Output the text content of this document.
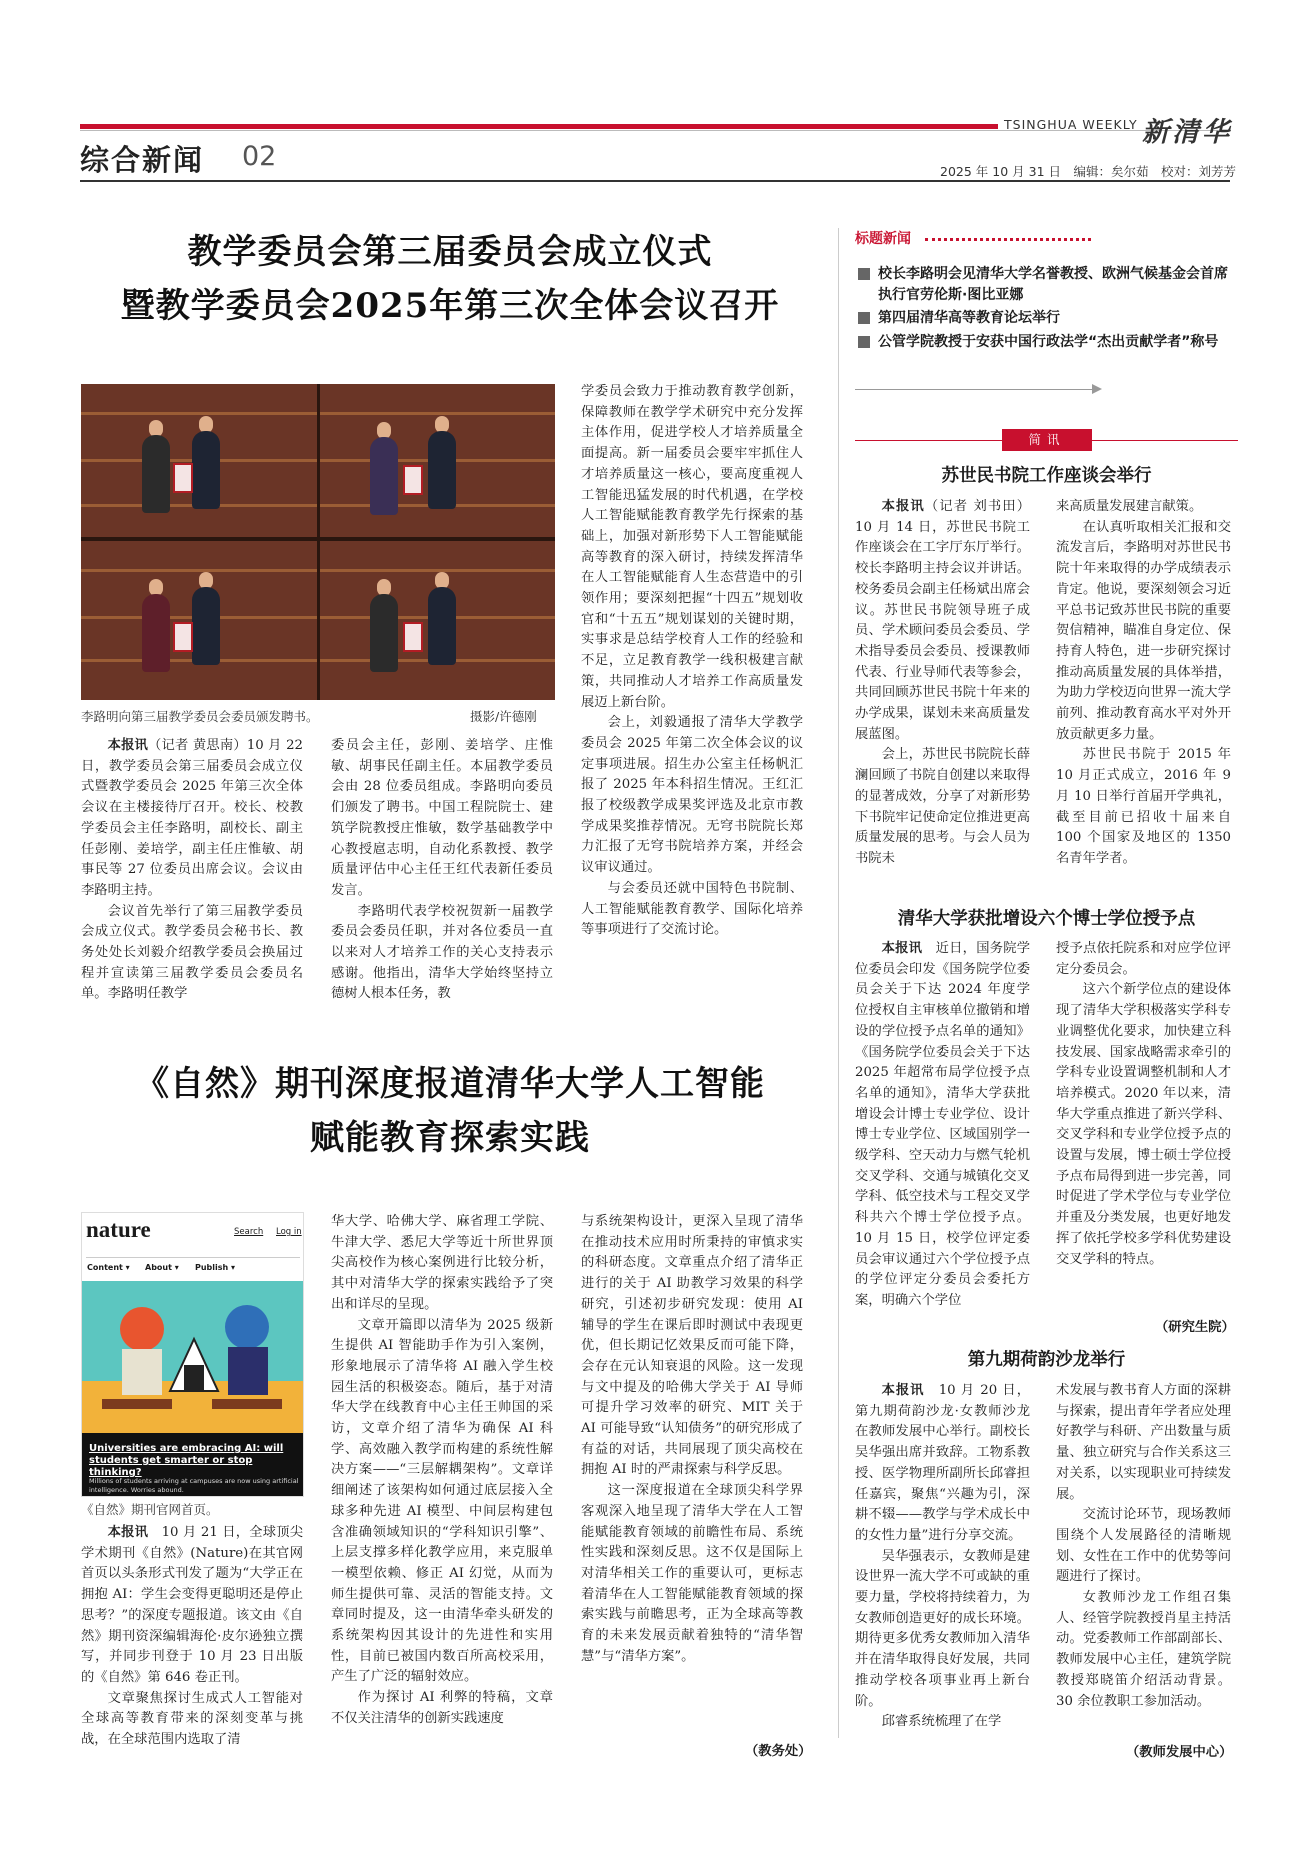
TSINGHUA WEEKLY 新清华
综合新闻 02	2025 年 10 月 31 日　编辑：矣尔茹　校对：刘芳芳
教学委员会第三届委员会成立仪式
暨教学委员会2025年第三次全体会议召开
李路明向第三届教学委员会委员颁发聘书。	摄影/许德刚

本报讯（记者 黄思南）10 月 22 日，教学委员会第三届委员会成立仪式暨教学委员会 2025 年第三次全体会议在主楼接待厅召开。校长、校教学委员会主任李路明，副校长、副主任彭刚、姜培学，副主任庄惟敏、胡事民等 27 位委员出席会议。会议由李路明主持。

会议首先举行了第三届教学委员会成立仪式。教学委员会秘书长、教务处处长刘毅介绍教学委员会换届过程并宣读第三届教学委员会委员名单。李路明任教学

委员会主任，彭刚、姜培学、庄惟敏、胡事民任副主任。本届教学委员会由 28 位委员组成。李路明向委员们颁发了聘书。中国工程院院士、建筑学院教授庄惟敏，数学基础教学中心教授扈志明，自动化系教授、教学质量评估中心主任王红代表新任委员发言。

李路明代表学校祝贺新一届教学委员会委员任职，并对各位委员一直以来对人才培养工作的关心支持表示感谢。他指出，清华大学始终坚持立德树人根本任务，教

学委员会致力于推动教育教学创新，保障教师在教学学术研究中充分发挥主体作用，促进学校人才培养质量全面提高。新一届委员会要牢牢抓住人才培养质量这一核心，要高度重视人工智能迅猛发展的时代机遇，在学校人工智能赋能教育教学先行探索的基础上，加强对新形势下人工智能赋能高等教育的深入研讨，持续发挥清华在人工智能赋能育人生态营造中的引领作用；要深刻把握“十四五”规划收官和“十五五”规划谋划的关键时期，实事求是总结学校育人工作的经验和不足，立足教育教学一线积极建言献策，共同推动人才培养工作高质量发展迈上新台阶。

会上，刘毅通报了清华大学教学委员会 2025 年第二次全体会议的议定事项进展。招生办公室主任杨帆汇报了 2025 年本科招生情况。王红汇报了校级教学成果奖评选及北京市教学成果奖推荐情况。无穹书院院长郑力汇报了无穹书院培养方案，并经会议审议通过。

与会委员还就中国特色书院制、人工智能赋能教育教学、国际化培养等事项进行了交流讨论。

《自然》期刊深度报道清华大学人工智能
赋能教育探索实践
nature	Search Log in
Content ▾ About ▾ Publish ▾
Universities are embracing AI: will students get smarter or stop thinking?
Millions of students arriving at campuses are now using artificial intelligence. Worries abound.
《自然》期刊官网首页。

本报讯　 10 月 21 日，全球顶尖学术期刊《自然》(Nature)在其官网首页以头条形式刊发了题为“大学正在拥抱 AI：学生会变得更聪明还是停止思考？”的深度专题报道。该文由《自然》期刊资深编辑海伦·皮尔逊独立撰写，并同步刊登于 10 月 23 日出版的《自然》第 646 卷正刊。

文章聚焦探讨生成式人工智能对全球高等教育带来的深刻变革与挑战，在全球范围内选取了清

华大学、哈佛大学、麻省理工学院、牛津大学、悉尼大学等近十所世界顶尖高校作为核心案例进行比较分析，其中对清华大学的探索实践给予了突出和详尽的呈现。

文章开篇即以清华为 2025 级新生提供 AI 智能助手作为引入案例，形象地展示了清华将 AI 融入学生校园生活的积极姿态。随后，基于对清华大学在线教育中心主任王帅国的采访，文章介绍了清华为确保 AI 科学、高效融入教学而构建的系统性解决方案——“三层解耦架构”。文章详细阐述了该架构如何通过底层接入全球多种先进 AI 模型、中间层构建包含准确领域知识的“学科知识引擎”、上层支撑多样化教学应用，来克服单一模型依赖、修正 AI 幻觉，从而为师生提供可靠、灵活的智能支持。文章同时提及，这一由清华牵头研发的系统架构因其设计的先进性和实用性，目前已被国内数百所高校采用，产生了广泛的辐射效应。

作为探讨 AI 利弊的特稿，文章不仅关注清华的创新实践速度

与系统架构设计，更深入呈现了清华在推动技术应用时所秉持的审慎求实的科研态度。文章重点介绍了清华正进行的关于 AI 助教学习效果的科学研究，引述初步研究发现：使用 AI 辅导的学生在课后即时测试中表现更优，但长期记忆效果反而可能下降，会存在元认知衰退的风险。这一发现与文中提及的哈佛大学关于 AI 导师可提升学习效率的研究、MIT 关于 AI 可能导致“认知债务”的研究形成了有益的对话，共同展现了顶尖高校在拥抱 AI 时的严肃探索与科学反思。

这一深度报道在全球顶尖科学界客观深入地呈现了清华大学在人工智能赋能教育领域的前瞻性布局、系统性实践和深刻反思。这不仅是国际上对清华相关工作的重要认可，更标志着清华在人工智能赋能教育领域的探索实践与前瞻思考，正为全球高等教育的未来发展贡献着独特的“清华智慧”与“清华方案”。

（教务处）
标题新闻
校长李路明会见清华大学名誉教授、欧洲气候基金会首席执行官劳伦斯·图比亚娜
第四届清华高等教育论坛举行
公管学院教授于安获中国行政法学“杰出贡献学者”称号
简讯
苏世民书院工作座谈会举行

本报讯（记者 刘书田）10 月 14 日，苏世民书院工作座谈会在工字厅东厅举行。校长李路明主持会议并讲话。校务委员会副主任杨斌出席会议。苏世民书院领导班子成员、学术顾问委员会委员、学术指导委员会委员、授课教师代表、行业导师代表等参会，共同回顾苏世民书院十年来的办学成果，谋划未来高质量发展蓝图。

会上，苏世民书院院长薛澜回顾了书院自创建以来取得的显著成效，分享了对新形势下书院牢记使命定位推进更高质量发展的思考。与会人员为书院未

来高质量发展建言献策。

在认真听取相关汇报和交流发言后，李路明对苏世民书院十年来取得的办学成绩表示肯定。他说，要深刻领会习近平总书记致苏世民书院的重要贺信精神，瞄准自身定位、保持育人特色，进一步研究探讨推动高质量发展的具体举措，为助力学校迈向世界一流大学前列、推动教育高水平对外开放贡献更多力量。

苏世民书院于 2015 年 10 月正式成立，2016 年 9 月 10 日举行首届开学典礼，截至目前已招收十届来自 100 个国家及地区的 1350 名青年学者。

清华大学获批增设六个博士学位授予点

本报讯　 近日，国务院学位委员会印发《国务院学位委员会关于下达 2024 年度学位授权自主审核单位撤销和增设的学位授予点名单的通知》《国务院学位委员会关于下达 2025 年超常布局学位授予点名单的通知》，清华大学获批增设会计博士专业学位、设计博士专业学位、区域国别学一级学科、空天动力与燃气轮机交叉学科、交通与城镇化交叉学科、低空技术与工程交叉学科共六个博士学位授予点。10 月 15 日，校学位评定委员会审议通过六个学位授予点的学位评定分委员会委托方案，明确六个学位

授予点依托院系和对应学位评定分委员会。

这六个新学位点的建设体现了清华大学积极落实学科专业调整优化要求，加快建立科技发展、国家战略需求牵引的学科专业设置调整机制和人才培养模式。2020 年以来，清华大学重点推进了新兴学科、交叉学科和专业学位授予点的设置与发展，博士硕士学位授予点布局得到进一步完善，同时促进了学术学位与专业学位并重及分类发展，也更好地发挥了依托学校多学科优势建设交叉学科的特点。

（研究生院）
第九期荷韵沙龙举行

本报讯　 10 月 20 日，第九期荷韵沙龙·女教师沙龙在教师发展中心举行。副校长吴华强出席并致辞。工物系教授、医学物理所副所长邱睿担任嘉宾，聚焦“兴趣为引，深耕不辍——教学与学术成长中的女性力量”进行分享交流。

吴华强表示，女教师是建设世界一流大学不可或缺的重要力量，学校将持续着力，为女教师创造更好的成长环境。期待更多优秀女教师加入清华并在清华取得良好发展，共同推动学校各项事业再上新台阶。

邱睿系统梳理了在学

术发展与教书育人方面的深耕与探索，提出青年学者应处理好教学与科研、产出数量与质量、独立研究与合作关系这三对关系，以实现职业可持续发展。

交流讨论环节，现场教师围绕个人发展路径的清晰规划、女性在工作中的优势等问题进行了探讨。

女教师沙龙工作组召集人、经管学院教授肖星主持活动。党委教师工作部副部长、教师发展中心主任，建筑学院教授郑晓笛介绍活动背景。30 余位教职工参加活动。

（教师发展中心）
